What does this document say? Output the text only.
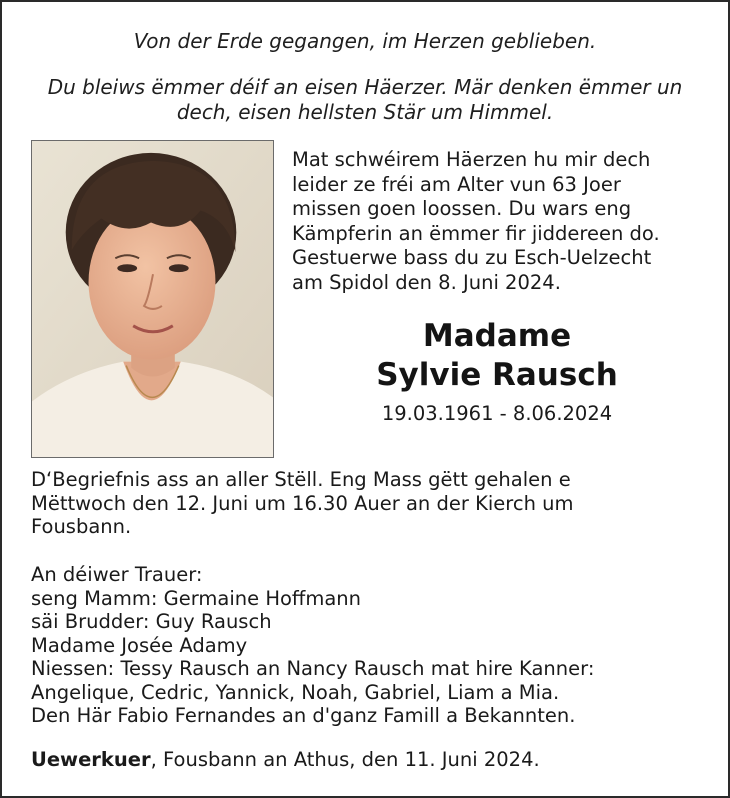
Von der Erde gegangen, im Herzen geblieben.
Du bleiws ëmmer déif an eisen Häerzer. Mär denken ëmmer un
dech, eisen hellsten Stär um Himmel.
Mat schwéirem Häerzen hu mir dech
leider ze fréi am Alter vun 63 Joer
missen goen loossen. Du wars eng
Kämpferin an ëmmer fir jiddereen do.
Gestuerwe bass du zu Esch-Uelzecht
am Spidol den 8. Juni 2024.
Madame
Sylvie Rausch
19.03.1961 - 8.06.2024
D‘Begriefnis ass an aller Stëll. Eng Mass gëtt gehalen e
Mëttwoch den 12. Juni um 16.30 Auer an der Kierch um
Fousbann.
An déiwer Trauer:
seng Mamm: Germaine Hoffmann
säi Brudder: Guy Rausch
Madame Josée Adamy
Niessen: Tessy Rausch an Nancy Rausch mat hire Kanner:
Angelique, Cedric, Yannick, Noah, Gabriel, Liam a Mia.
Den Här Fabio Fernandes an d'ganz Famill a Bekannten.
Uewerkuer, Fousbann an Athus, den 11. Juni 2024.
